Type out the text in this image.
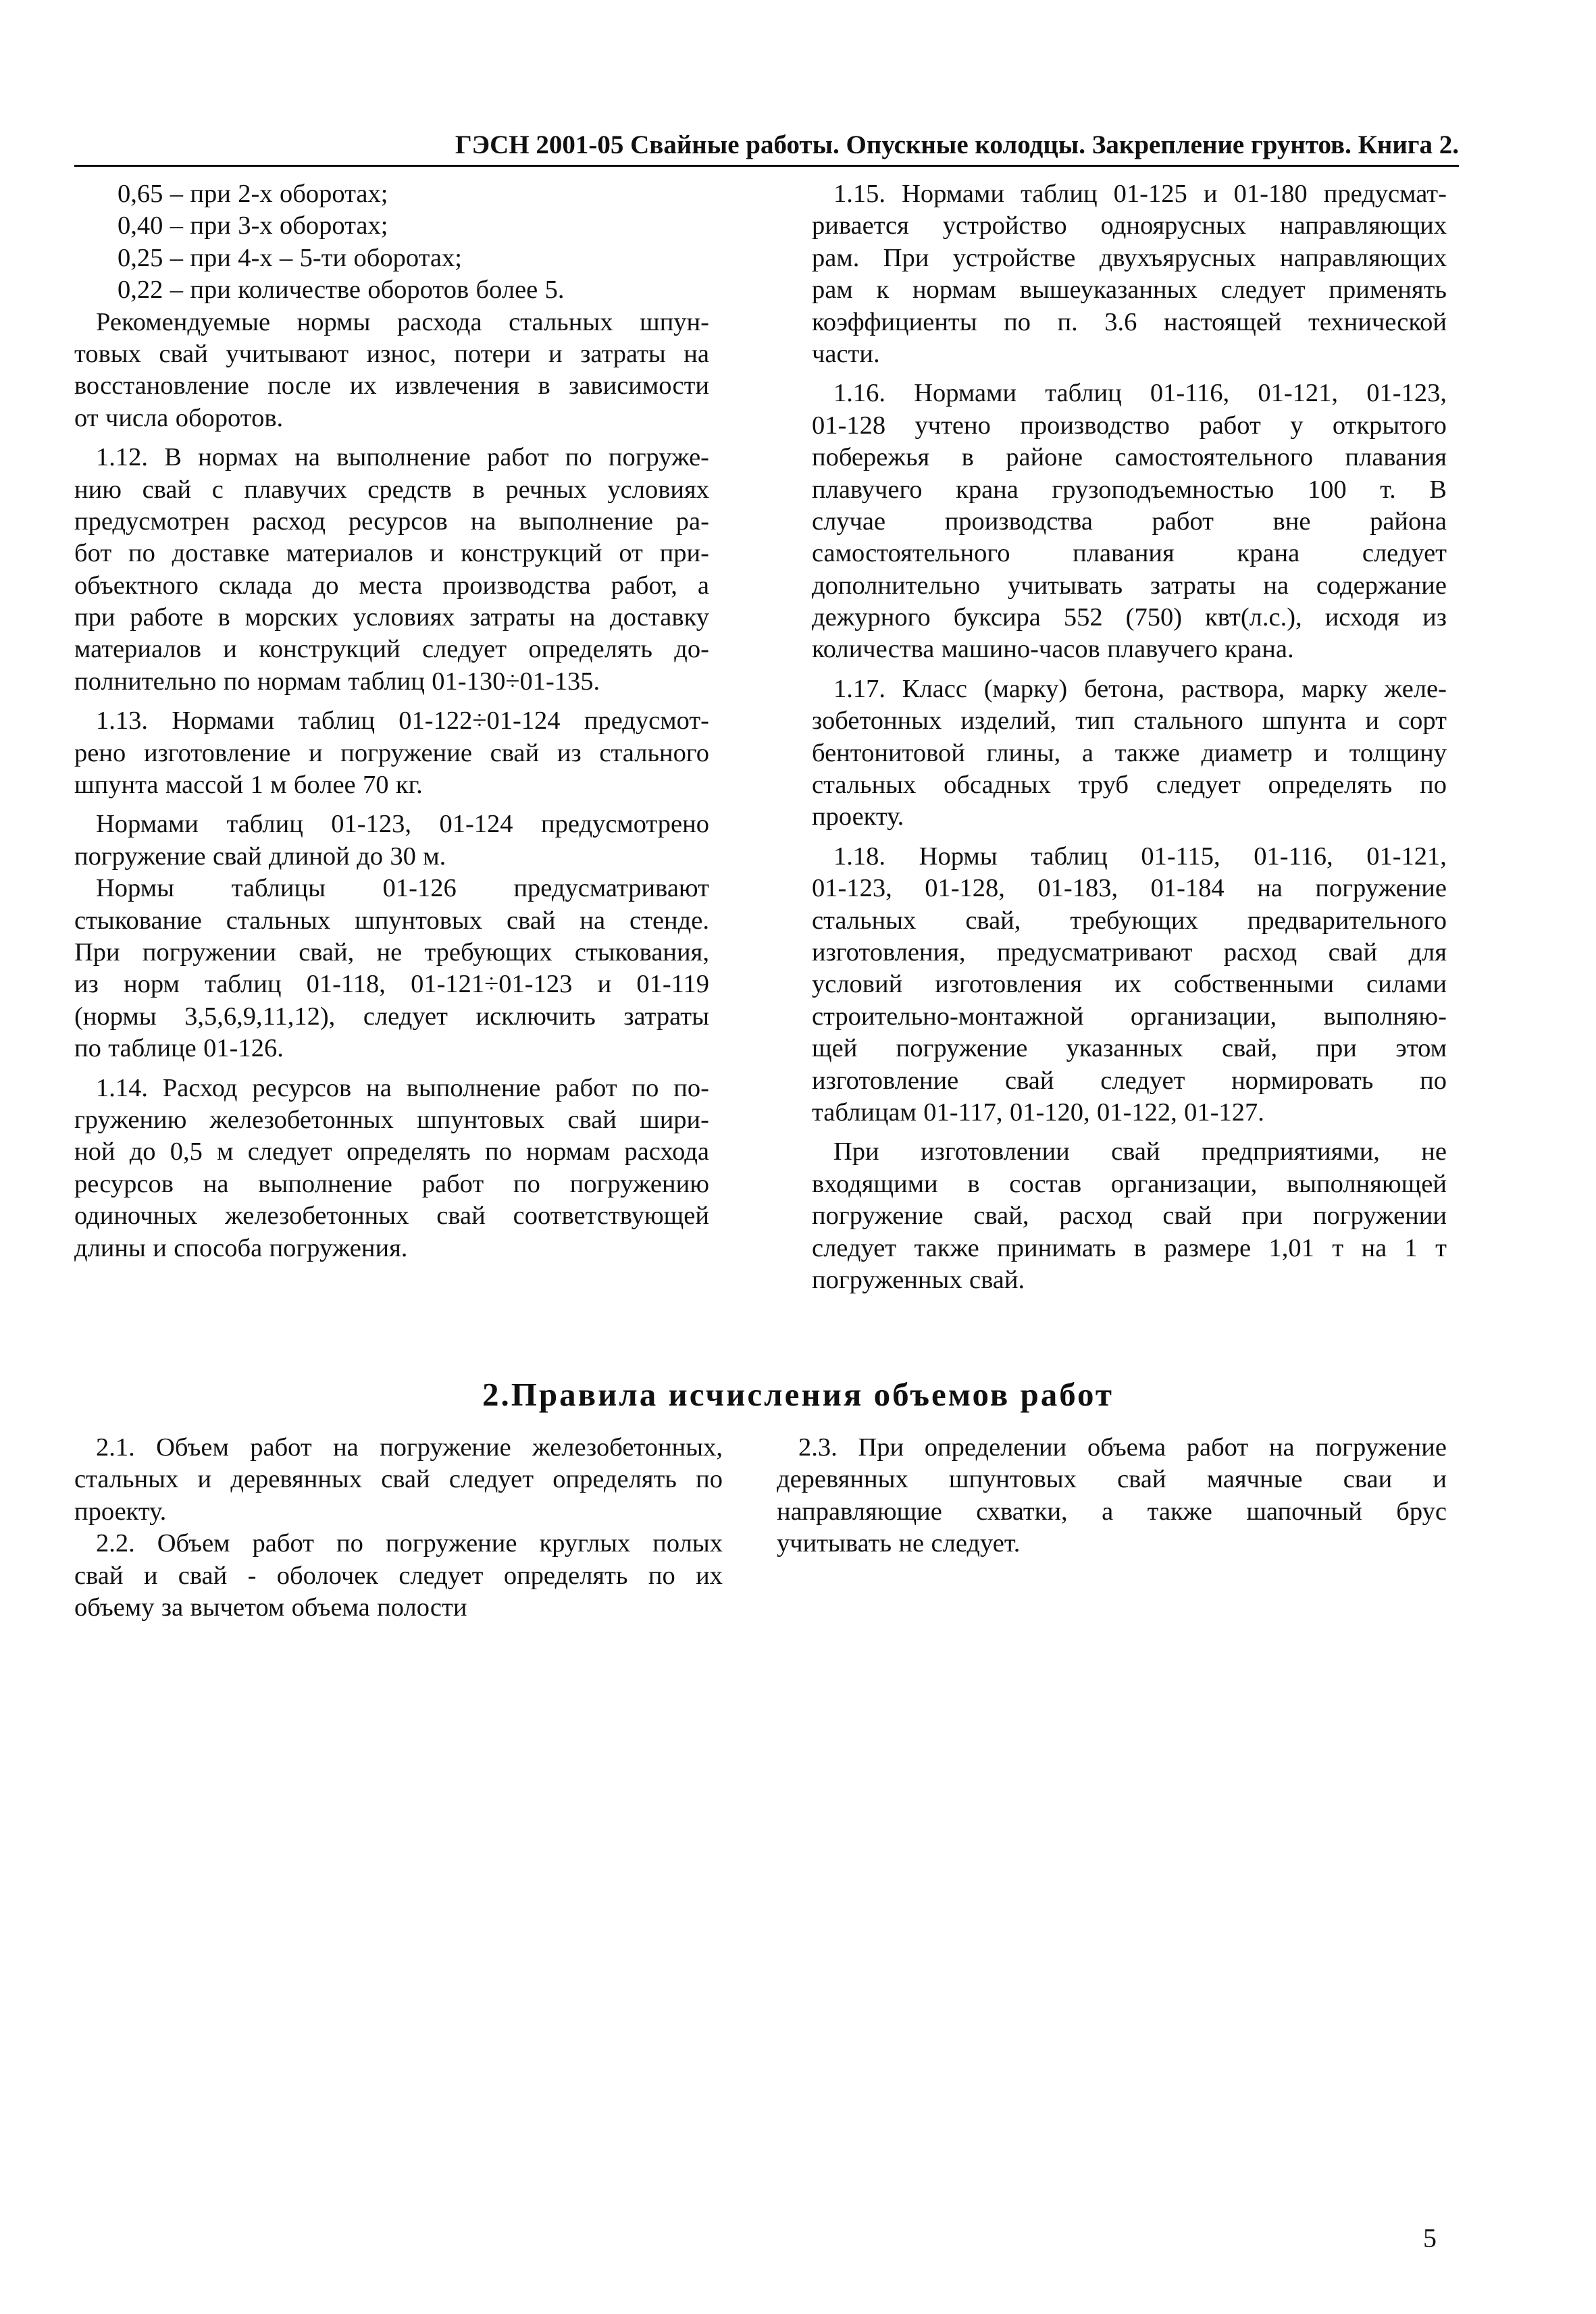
ГЭСН 2001-05 Свайные работы. Опускные колодцы. Закрепление грунтов. Книга 2.
0,65 – при 2-х оборотах;
0,40 – при 3-х оборотах;
0,25 – при 4-х – 5-ти оборотах;
0,22 – при количестве оборотов более 5.
Рекомендуемые нормы расхода стальных шпун-
товых свай учитывают износ, потери и затраты на
восстановление после их извлечения в зависимости
от числа оборотов.
1.12. В нормах на выполнение работ по погруже-
нию свай с плавучих средств в речных условиях
предусмотрен расход ресурсов на выполнение ра-
бот по доставке материалов и конструкций от при-
объектного склада до места производства работ, а
при работе в морских условиях затраты на доставку
материалов и конструкций следует определять до-
полнительно по нормам таблиц 01-130÷01-135.
1.13. Нормами таблиц 01-122÷01-124 предусмот-
рено изготовление и погружение свай из стального
шпунта массой 1 м более 70 кг.
Нормами таблиц 01-123, 01-124 предусмотрено
погружение свай длиной до 30 м.
Нормы таблицы 01-126 предусматривают
стыкование стальных шпунтовых свай на стенде.
При погружении свай, не требующих стыкования,
из норм таблиц 01-118, 01-121÷01-123 и 01-119
(нормы 3,5,6,9,11,12), следует исключить затраты
по таблице 01-126.
1.14. Расход ресурсов на выполнение работ по по-
гружению железобетонных шпунтовых свай шири-
ной до 0,5 м следует определять по нормам расхода
ресурсов на выполнение работ по погружению
одиночных железобетонных свай соответствующей
длины и способа погружения.
1.15. Нормами таблиц 01-125 и 01-180 предусмат-
ривается устройство одноярусных направляющих
рам. При устройстве двухъярусных направляющих
рам к нормам вышеуказанных следует применять
коэффициенты по п. 3.6 настоящей технической
части.
1.16. Нормами таблиц 01-116, 01-121, 01-123,
01-128 учтено производство работ у открытого
побережья в районе самостоятельного плавания
плавучего крана грузоподъемностью 100 т. В
случае производства работ вне района
самостоятельного плавания крана следует
дополнительно учитывать затраты на содержание
дежурного буксира 552 (750) квт(л.с.), исходя из
количества машино-часов плавучего крана.
1.17. Класс (марку) бетона, раствора, марку желе-
зобетонных изделий, тип стального шпунта и сорт
бентонитовой глины, а также диаметр и толщину
стальных обсадных труб следует определять по
проекту.
1.18. Нормы таблиц 01-115, 01-116, 01-121,
01-123, 01-128, 01-183, 01-184 на погружение
стальных свай, требующих предварительного
изготовления, предусматривают расход свай для
условий изготовления их собственными силами
строительно-монтажной организации, выполняю-
щей погружение указанных свай, при этом
изготовление свай следует нормировать по
таблицам 01-117, 01-120, 01-122, 01-127.
При изготовлении свай предприятиями, не
входящими в состав организации, выполняющей
погружение свай, расход свай при погружении
следует также принимать в размере 1,01 т на 1 т
погруженных свай.
2.Правила исчисления объемов работ
2.1. Объем работ на погружение железобетонных,
стальных и деревянных свай следует определять по
проекту.
2.2. Объем работ по погружение круглых полых
свай и свай - оболочек следует определять по их
объему за вычетом объема полости
2.3. При определении объема работ на погружение
деревянных шпунтовых свай маячные сваи и
направляющие схватки, а также шапочный брус
учитывать не следует.
5
